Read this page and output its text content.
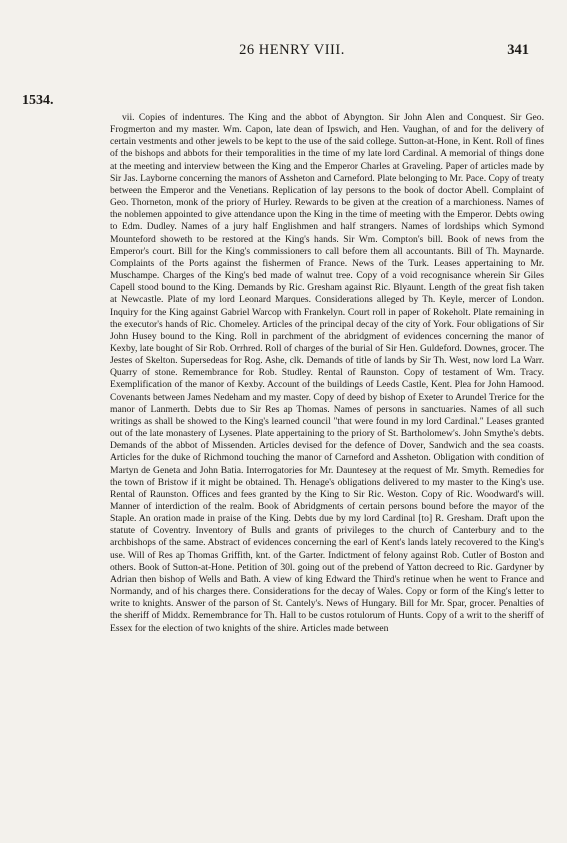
26 HENRY VIII.	341
1534.

vii. Copies of indentures. The King and the abbot of Abyngton. Sir John Alen and Conquest. Sir Geo. Frogmerton and my master. Wm. Capon, late dean of Ipswich, and Hen. Vaughan, of and for the delivery of certain vestments and other jewels to be kept to the use of the said college. Sutton-at-Hone, in Kent. Roll of fines of the bishops and abbots for their temporalities in the time of my late lord Cardinal. A memorial of things done at the meeting and interview between the King and the Emperor Charles at Graveling. Paper of articles made by Sir Jas. Layborne concerning the manors of Assheton and Carneford. Plate belonging to Mr. Pace. Copy of treaty between the Emperor and the Venetians. Replication of lay persons to the book of doctor Abell. Complaint of Geo. Thorneton, monk of the priory of Hurley. Rewards to be given at the creation of a marchioness. Names of the noblemen appointed to give attendance upon the King in the time of meeting with the Emperor. Debts owing to Edm. Dudley. Names of a jury half Englishmen and half strangers. Names of lordships which Symond Mounteford showeth to be restored at the King's hands. Sir Wm. Compton's bill. Book of news from the Emperor's court. Bill for the King's commissioners to call before them all accountants. Bill of Th. Maynarde. Complaints of the Ports against the fishermen of France. News of the Turk. Leases appertaining to Mr. Muschampe. Charges of the King's bed made of walnut tree. Copy of a void recognisance wherein Sir Giles Capell stood bound to the King. Demands by Ric. Gresham against Ric. Blyaunt. Length of the great fish taken at Newcastle. Plate of my lord Leonard Marques. Considerations alleged by Th. Keyle, mercer of London. Inquiry for the King against Gabriel Warcop with Frankelyn. Court roll in paper of Rokeholt. Plate remaining in the executor's hands of Ric. Chomeley. Articles of the principal decay of the city of York. Four obligations of Sir John Husey bound to the King. Roll in parchment of the abridgment of evidences concerning the manor of Kexby, late bought of Sir Rob. Orrhred. Roll of charges of the burial of Sir Hen. Guldeford. Downes, grocer. The Jestes of Skelton. Supersedeas for Rog. Ashe, clk. Demands of title of lands by Sir Th. West, now lord La Warr. Quarry of stone. Remembrance for Rob. Studley. Rental of Raunston. Copy of testament of Wm. Tracy. Exemplification of the manor of Kexby. Account of the buildings of Leeds Castle, Kent. Plea for John Hamood. Covenants between James Nedeham and my master. Copy of deed by bishop of Exeter to Arundel Trerice for the manor of Lanmerth. Debts due to Sir Res ap Thomas. Names of persons in sanctuaries. Names of all such writings as shall be showed to the King's learned council "that were found in my lord Cardinal." Leases granted out of the late monastery of Lysenes. Plate appertaining to the priory of St. Bartholomew's. John Smythe's debts. Demands of the abbot of Missenden. Articles devised for the defence of Dover, Sandwich and the sea coasts. Articles for the duke of Richmond touching the manor of Carneford and Assheton. Obligation with condition of Martyn de Geneta and John Batia. Interrogatories for Mr. Dauntesey at the request of Mr. Smyth. Remedies for the town of Bristow if it might be obtained. Th. Henage's obligations delivered to my master to the King's use. Rental of Raunston. Offices and fees granted by the King to Sir Ric. Weston. Copy of Ric. Woodward's will. Manner of interdiction of the realm. Book of Abridgments of certain persons bound before the mayor of the Staple. An oration made in praise of the King. Debts due by my lord Cardinal [to] R. Gresham. Draft upon the statute of Coventry. Inventory of Bulls and grants of privileges to the church of Canterbury and to the archbishops of the same. Abstract of evidences concerning the earl of Kent's lands lately recovered to the King's use. Will of Res ap Thomas Griffith, knt. of the Garter. Indictment of felony against Rob. Cutler of Boston and others. Book of Sutton-at-Hone. Petition of 30l. going out of the prebend of Yatton decreed to Ric. Gardyner by Adrian then bishop of Wells and Bath. A view of king Edward the Third's retinue when he went to France and Normandy, and of his charges there. Considerations for the decay of Wales. Copy or form of the King's letter to write to knights. Answer of the parson of St. Cantely's. News of Hungary. Bill for Mr. Spar, grocer. Penalties of the sheriff of Middx. Remembrance for Th. Hall to be custos rotulorum of Hunts. Copy of a writ to the sheriff of Essex for the election of two knights of the shire. Articles made between
